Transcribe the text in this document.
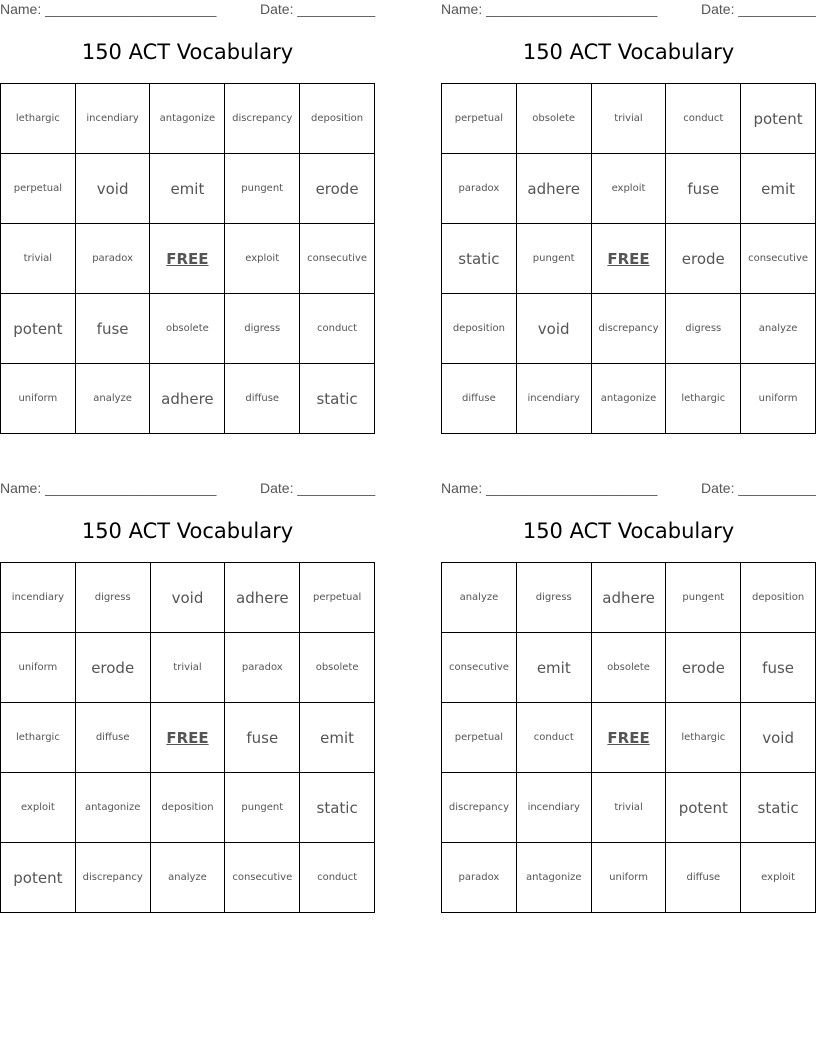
Name: ______________________	Date: __________
150 ACT Vocabulary
lethargic	incendiary	antagonize	discrepancy	deposition
perpetual	void	emit	pungent	erode
trivial	paradox	FREE	exploit	consecutive
potent	fuse	obsolete	digress	conduct
uniform	analyze	adhere	diffuse	static
Name: ______________________	Date: __________
150 ACT Vocabulary
perpetual	obsolete	trivial	conduct	potent
paradox	adhere	exploit	fuse	emit
static	pungent	FREE	erode	consecutive
deposition	void	discrepancy	digress	analyze
diffuse	incendiary	antagonize	lethargic	uniform
Name: ______________________	Date: __________
150 ACT Vocabulary
incendiary	digress	void	adhere	perpetual
uniform	erode	trivial	paradox	obsolete
lethargic	diffuse	FREE	fuse	emit
exploit	antagonize	deposition	pungent	static
potent	discrepancy	analyze	consecutive	conduct
Name: ______________________	Date: __________
150 ACT Vocabulary
analyze	digress	adhere	pungent	deposition
consecutive	emit	obsolete	erode	fuse
perpetual	conduct	FREE	lethargic	void
discrepancy	incendiary	trivial	potent	static
paradox	antagonize	uniform	diffuse	exploit
